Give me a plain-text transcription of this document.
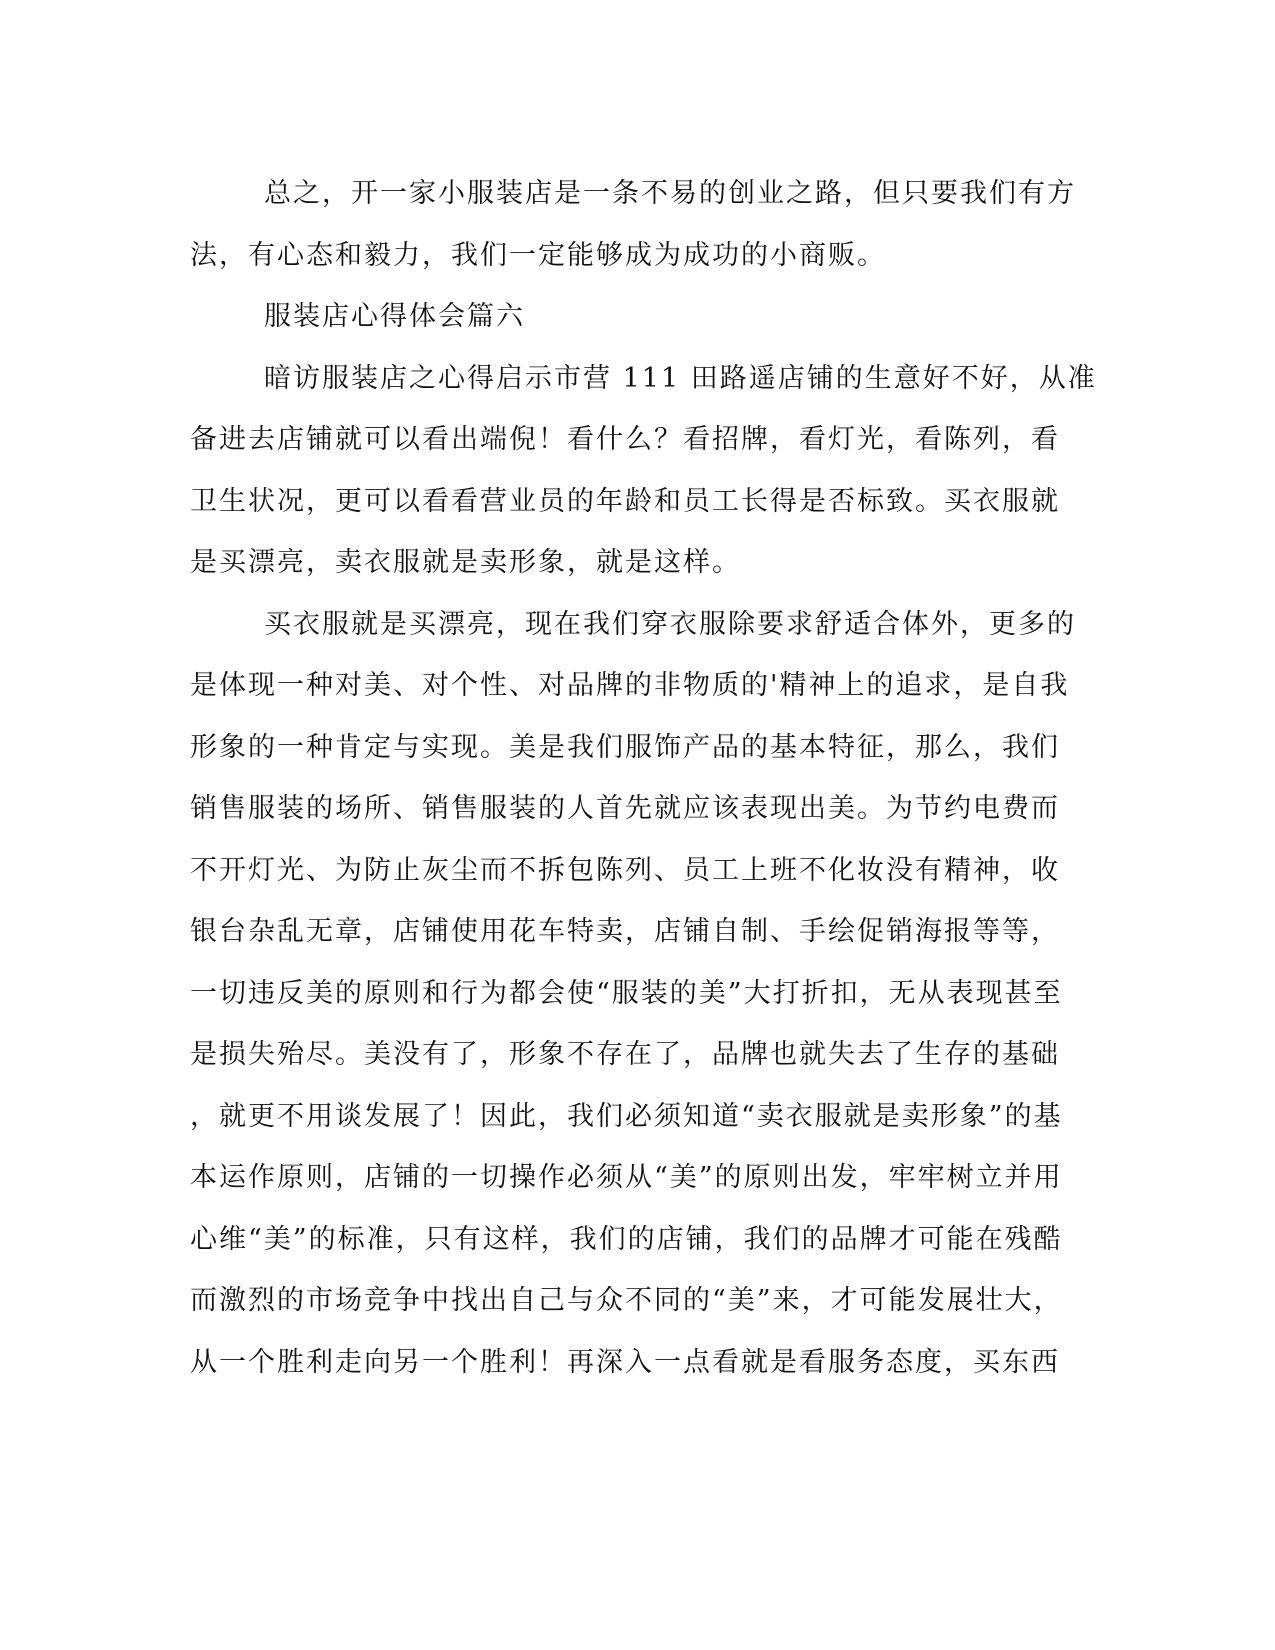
总之，开一家小服装店是一条不易的创业之路，但只要我们有方
法，有心态和毅力，我们一定能够成为成功的小商贩。
服装店心得体会篇六
暗访服装店之心得启示市营 111 田路遥店铺的生意好不好，从准
备进去店铺就可以看出端倪！看什么？看招牌，看灯光，看陈列，看
卫生状况，更可以看看营业员的年龄和员工长得是否标致。买衣服就
是买漂亮，卖衣服就是卖形象，就是这样。
买衣服就是买漂亮，现在我们穿衣服除要求舒适合体外，更多的
是体现一种对美、对个性、对品牌的非物质的'精神上的追求，是自我
形象的一种肯定与实现。美是我们服饰产品的基本特征，那么，我们
销售服装的场所、销售服装的人首先就应该表现出美。为节约电费而
不开灯光、为防止灰尘而不拆包陈列、员工上班不化妆没有精神，收
银台杂乱无章，店铺使用花车特卖，店铺自制、手绘促销海报等等，
一切违反美的原则和行为都会使“服装的美”大打折扣，无从表现甚至
是损失殆尽。美没有了，形象不存在了，品牌也就失去了生存的基础
，就更不用谈发展了！因此，我们必须知道“卖衣服就是卖形象”的基
本运作原则，店铺的一切操作必须从“美”的原则出发，牢牢树立并用
心维“美”的标准，只有这样，我们的店铺，我们的品牌才可能在残酷
而激烈的市场竞争中找出自己与众不同的“美”来，才可能发展壮大，
从一个胜利走向另一个胜利！再深入一点看就是看服务态度，买东西
